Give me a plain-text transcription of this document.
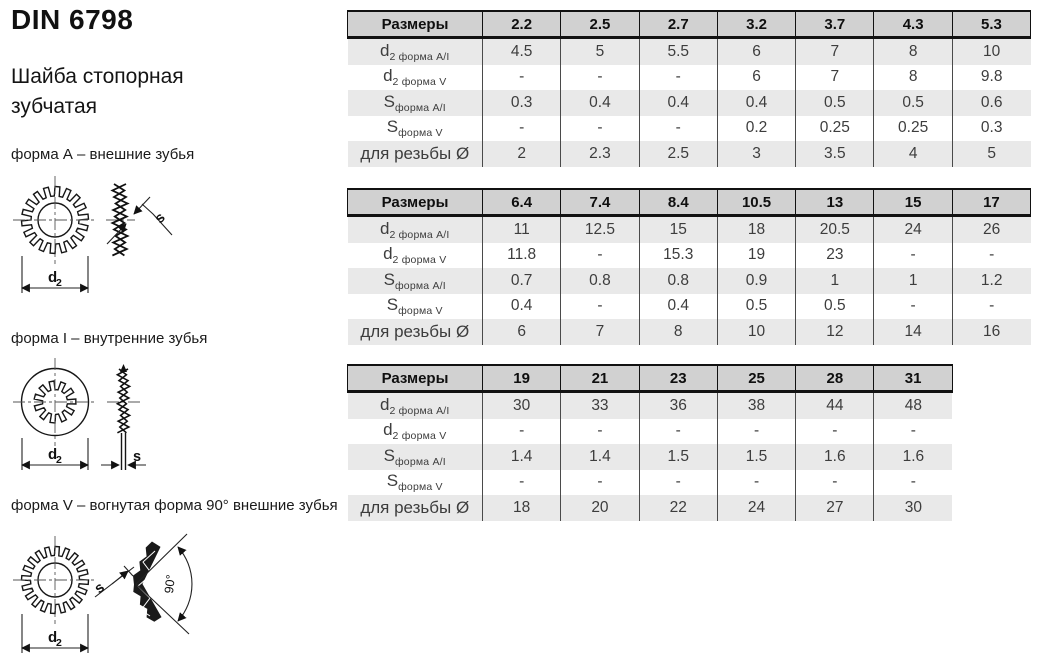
DIN 6798
Шайба стопорная
зубчатая
форма А – внешние зубья
форма I – внутренние зубья
форма V – вогнутая форма 90° внешние зубья
s
d
2
s
d
2
90°
s
d
2
Размеры	2.2	2.5	2.7	3.2	3.7	4.3	5.3
$d_{2 форма А/I}$	4.5	5	5.5	6	7	8	10
$d_{2 форма V}$	-	-	-	6	7	8	9.8
$S_{форма А/I}$	0.3	0.4	0.4	0.4	0.5	0.5	0.6
$S_{форма V}$	-	-	-	0.2	0.25	0.25	0.3
для резьбы Ø	2	2.3	2.5	3	3.5	4	5
Размеры	6.4	7.4	8.4	10.5	13	15	17
$d_{2 форма А/I}$	11	12.5	15	18	20.5	24	26
$d_{2 форма V}$	11.8	-	15.3	19	23	-	-
$S_{форма А/I}$	0.7	0.8	0.8	0.9	1	1	1.2
$S_{форма V}$	0.4	-	0.4	0.5	0.5	-	-
для резьбы Ø	6	7	8	10	12	14	16
Размеры	19	21	23	25	28	31
$d_{2 форма А/I}$	30	33	36	38	44	48
$d_{2 форма V}$	-	-	-	-	-	-
$S_{форма А/I}$	1.4	1.4	1.5	1.5	1.6	1.6
$S_{форма V}$	-	-	-	-	-	-
для резьбы Ø	18	20	22	24	27	30
